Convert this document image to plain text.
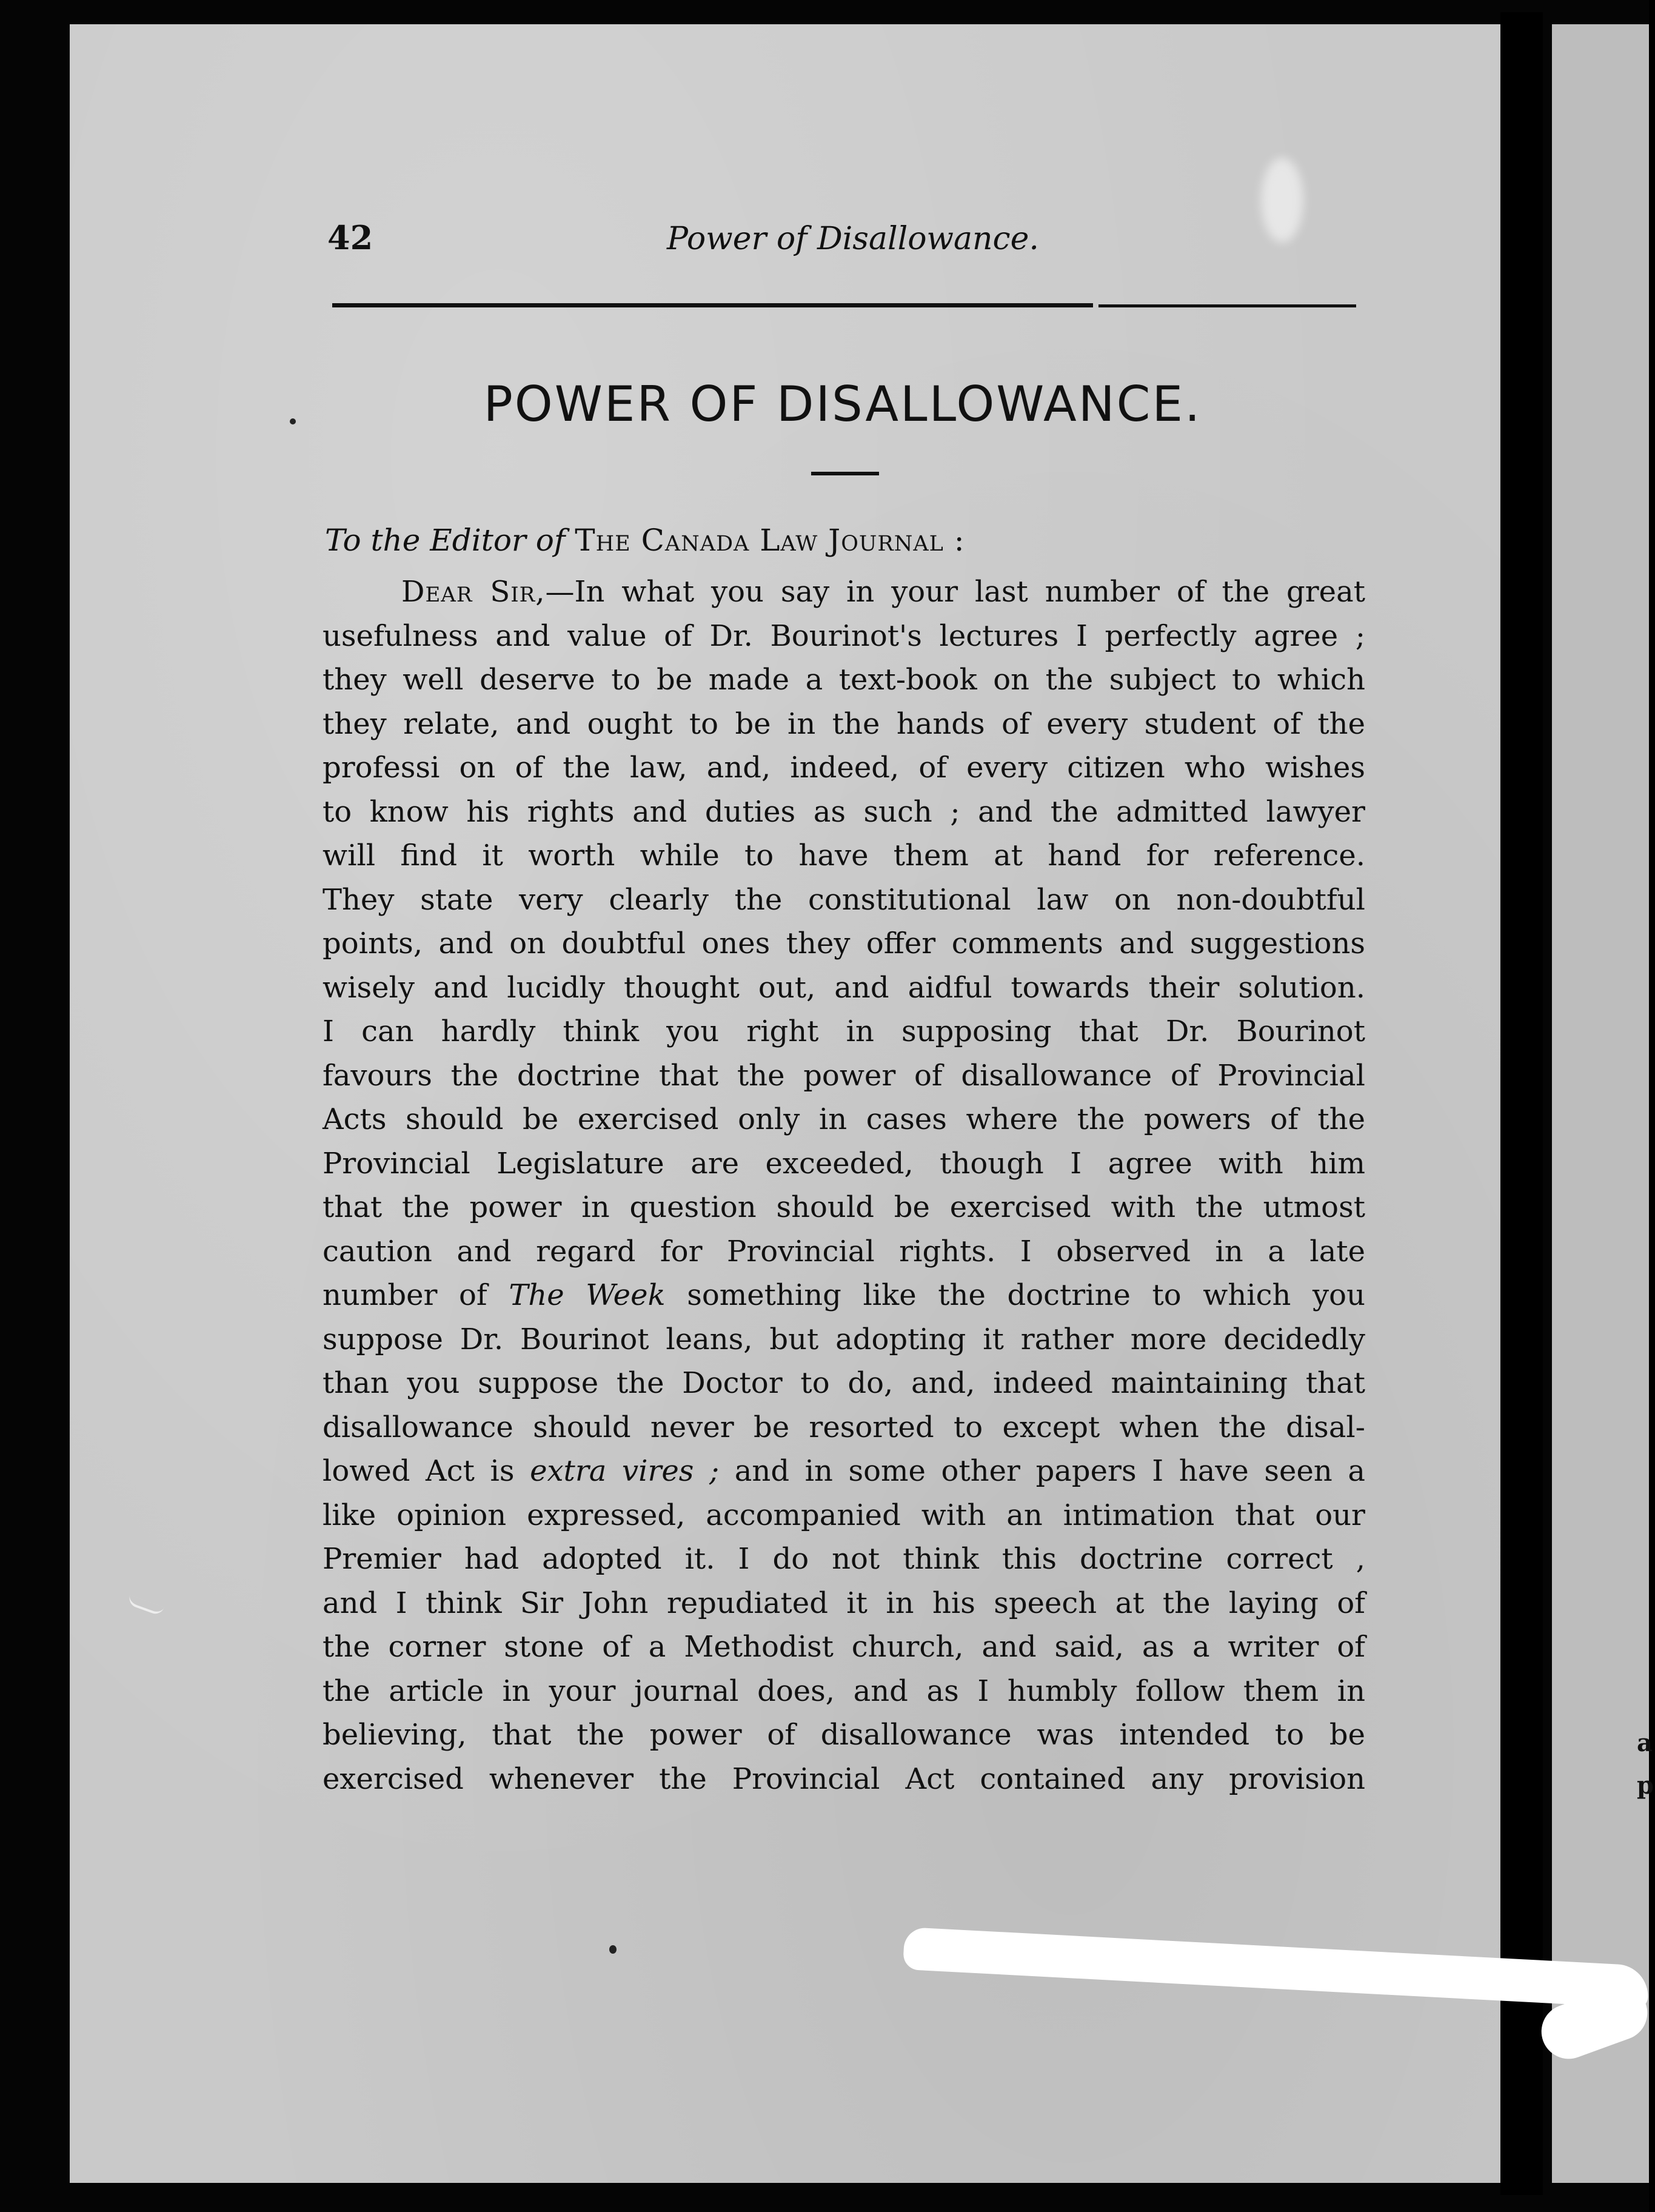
a
p
42	Power of Disallowance.
POWER OF DISALLOWANCE.
To the Editor of The Canada Law Journal :
Dear Sir,—In what you say in your last number of the great
usefulness and value of Dr. Bourinot's lectures I perfectly agree ;
they well deserve to be made a text-book on the subject to which
they relate, and ought to be in the hands of every student of the
professi on of the law, and, indeed, of every citizen who wishes
to know his rights and duties as such ; and the admitted lawyer
will find it worth while to have them at hand for reference.
They state very clearly the constitutional law on non-doubtful
points, and on doubtful ones they offer comments and suggestions
wisely and lucidly thought out, and aidful towards their solution.
I can hardly think you right in supposing that Dr. Bourinot
favours the doctrine that the power of disallowance of Provincial
Acts should be exercised only in cases where the powers of the
Provincial Legislature are exceeded, though I agree with him
that the power in question should be exercised with the utmost
caution and regard for Provincial rights. I observed in a late
number of The Week something like the doctrine to which you
suppose Dr. Bourinot leans, but adopting it rather more decidedly
than you suppose the Doctor to do, and, indeed maintaining that
disallowance should never be resorted to except when the disal-
lowed Act is extra vires ; and in some other papers I have seen a
like opinion expressed, accompanied with an intimation that our
Premier had adopted it. I do not think this doctrine correct ,
and I think Sir John repudiated it in his speech at the laying of
the corner stone of a Methodist church, and said, as a writer of
the article in your journal does, and as I humbly follow them in
believing, that the power of disallowance was intended to be
exercised whenever the Provincial Act contained any provision
